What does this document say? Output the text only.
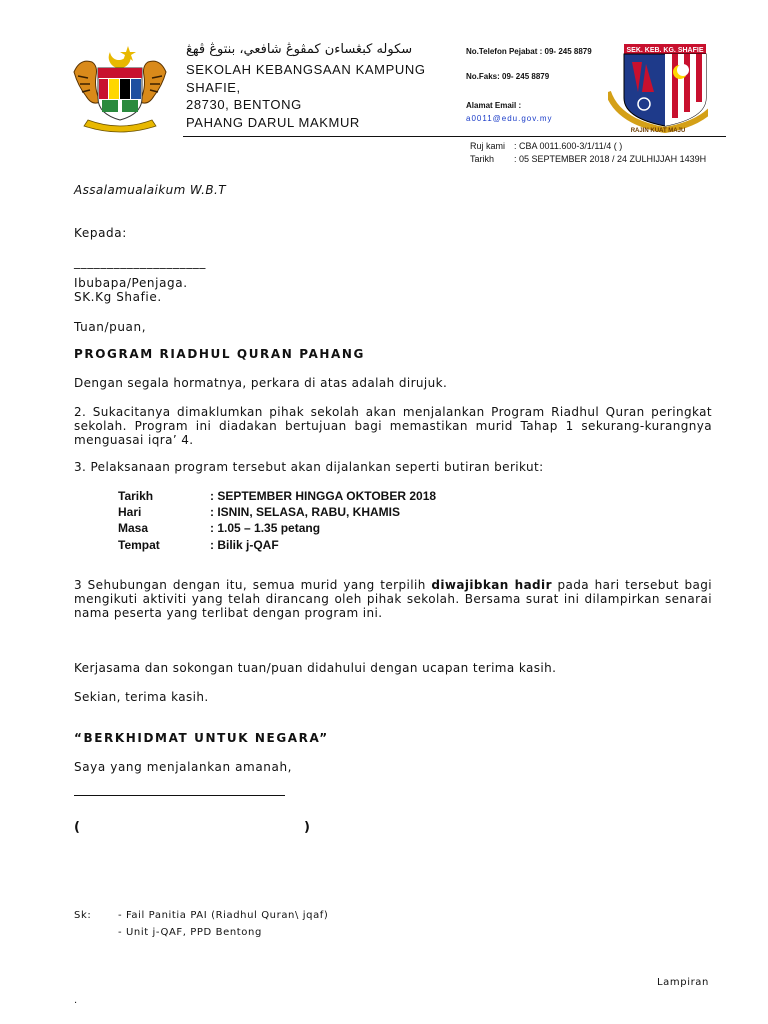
سکوله کبڠساءن کمڤوڠ شافعي، بنتوڠ ڤهڠ
SEKOLAH KEBANGSAAN KAMPUNG
SHAFIE,
28730, BENTONG
PAHANG DARUL MAKMUR
No.Telefon Pejabat : 09- 245 8879
No.Faks: 09- 245 8879
Alamat Email :
a0011@edu.gov.my
SEK. KEB. KG. SHAFIE
RAJIN KUAT MAJU
Ruj kami : CBA 0011.600-3/1/11/4 ( )
Tarikh : 05 SEPTEMBER 2018 / 24 ZULHIJJAH 1439H
Assalamualaikum W.B.T
Kepada:
____________________
Ibubapa/Penjaga.
SK.Kg Shafie.
Tuan/puan,
PROGRAM RIADHUL QURAN PAHANG
Dengan segala hormatnya, perkara di atas adalah dirujuk.
2. Sukacitanya dimaklumkan pihak sekolah akan menjalankan Program Riadhul Quran peringkat sekolah. Program ini diadakan bertujuan bagi memastikan murid Tahap 1 sekurang-kurangnya menguasai iqra’ 4.
3. Pelaksanaan program tersebut akan dijalankan seperti butiran berikut:
Tarikh	: SEPTEMBER HINGGA OKTOBER 2018
Hari	: ISNIN, SELASA, RABU, KHAMIS
Masa	: 1.05 – 1.35 petang
Tempat	: Bilik j-QAF
3 Sehubungan dengan itu, semua murid yang terpilih diwajibkan hadir pada hari tersebut bagi mengikuti aktiviti yang telah dirancang oleh pihak sekolah. Bersama surat ini dilampirkan senarai nama peserta yang terlibat dengan program ini.
Kerjasama dan sokongan tuan/puan didahului dengan ucapan terima kasih.
Sekian, terima kasih.
“BERKHIDMAT UNTUK NEGARA”
Saya yang menjalankan amanah,
(	)
Sk:	- Fail Panitia PAI (Riadhul Quran\ jqaf)
- Unit j-QAF, PPD Bentong
Lampiran
.
